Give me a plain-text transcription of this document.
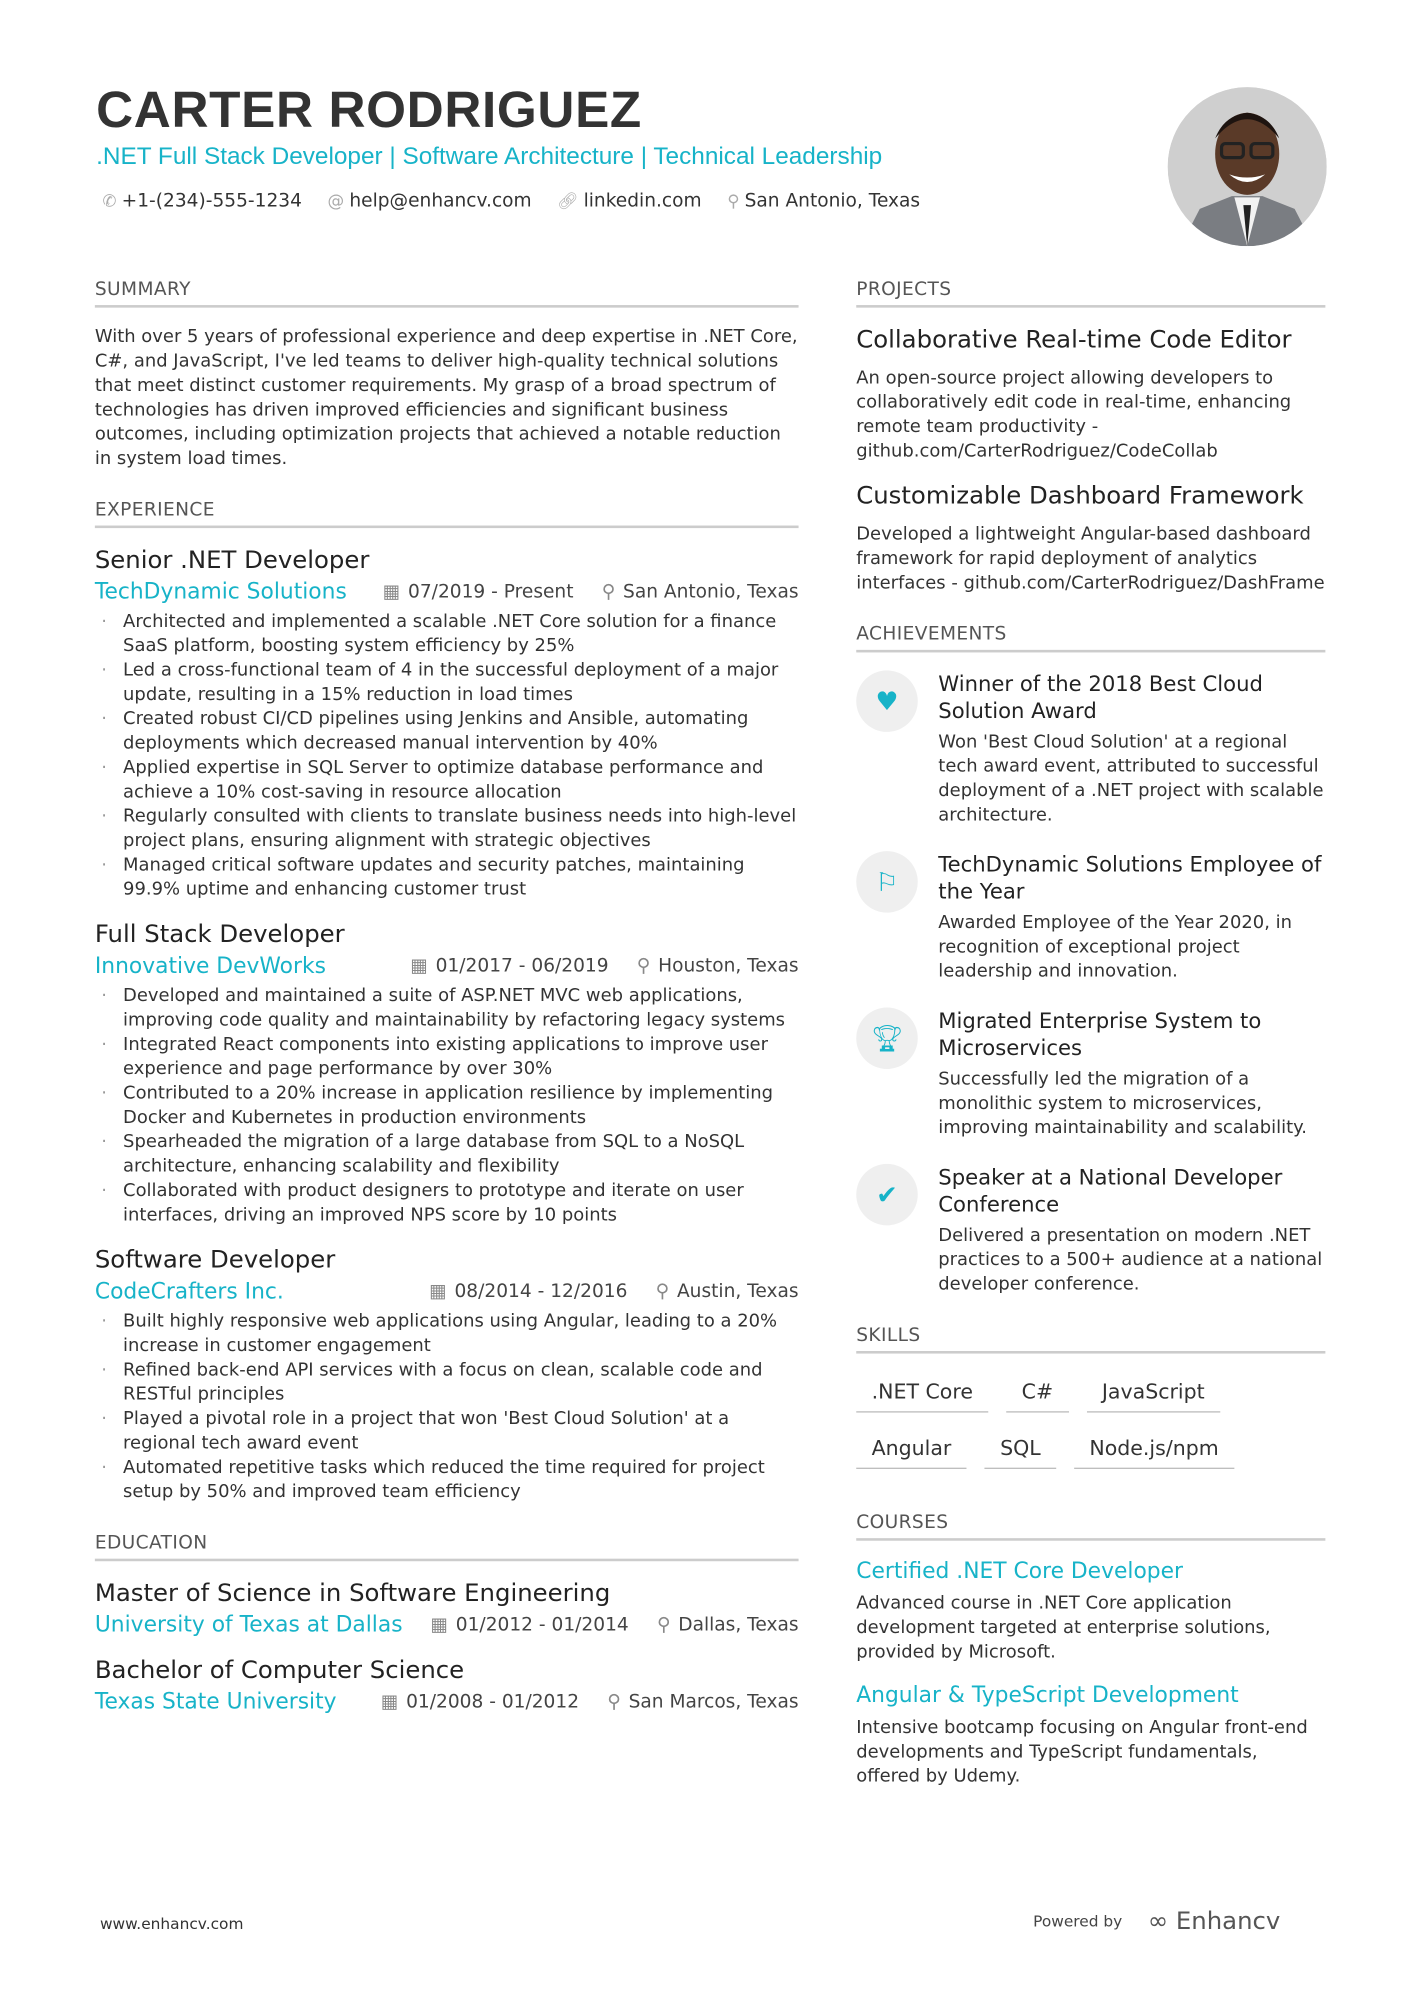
CARTER RODRIGUEZ
.NET Full Stack Developer | Software Architecture | Technical Leadership
✆ +1-(234)-555-1234 @ help@enhancv.com 🔗︎ linkedin.com ⚲ San Antonio, Texas
SUMMARY
With over 5 years of professional experience and deep expertise in .NET Core, C#, and JavaScript, I've led teams to deliver high-quality technical solutions that meet distinct customer requirements. My grasp of a broad spectrum of technologies has driven improved efficiencies and significant business outcomes, including optimization projects that achieved a notable reduction in system load times.
EXPERIENCE
Senior .NET Developer
TechDynamic Solutions ▦ 07/2019 - Present ⚲ San Antonio, Texas
· Architected and implemented a scalable .NET Core solution for a finance SaaS platform, boosting system efficiency by 25%
· Led a cross-functional team of 4 in the successful deployment of a major update, resulting in a 15% reduction in load times
· Created robust CI/CD pipelines using Jenkins and Ansible, automating deployments which decreased manual intervention by 40%
· Applied expertise in SQL Server to optimize database performance and achieve a 10% cost-saving in resource allocation
· Regularly consulted with clients to translate business needs into high-level project plans, ensuring alignment with strategic objectives
· Managed critical software updates and security patches, maintaining 99.9% uptime and enhancing customer trust
Full Stack Developer
Innovative DevWorks	▦ 01/2017 - 06/2019 ⚲ Houston, Texas
· Developed and maintained a suite of ASP.NET MVC web applications, improving code quality and maintainability by refactoring legacy systems
· Integrated React components into existing applications to improve user experience and page performance by over 30%
· Contributed to a 20% increase in application resilience by implementing Docker and Kubernetes in production environments
· Spearheaded the migration of a large database from SQL to a NoSQL architecture, enhancing scalability and flexibility
· Collaborated with product designers to prototype and iterate on user interfaces, driving an improved NPS score by 10 points
Software Developer
CodeCrafters Inc.	▦ 08/2014 - 12/2016 ⚲ Austin, Texas
· Built highly responsive web applications using Angular, leading to a 20% increase in customer engagement
· Refined back-end API services with a focus on clean, scalable code and RESTful principles
· Played a pivotal role in a project that won 'Best Cloud Solution' at a regional tech award event
· Automated repetitive tasks which reduced the time required for project setup by 50% and improved team efficiency
EDUCATION
Master of Science in Software Engineering
University of Texas at Dallas ▦ 01/2012 - 01/2014 ⚲ Dallas, Texas
Bachelor of Computer Science
Texas State University	▦ 01/2008 - 01/2012 ⚲ San Marcos, Texas
PROJECTS
Collaborative Real-time Code Editor
An open-source project allowing developers to collaboratively edit code in real-time, enhancing remote team productivity - github.com/CarterRodriguez/CodeCollab
Customizable Dashboard Framework
Developed a lightweight Angular-based dashboard framework for rapid deployment of analytics interfaces - github.com/CarterRodriguez/DashFrame
ACHIEVEMENTS
♥
Winner of the 2018 Best Cloud Solution Award
Won 'Best Cloud Solution' at a regional tech award event, attributed to successful deployment of a .NET project with scalable architecture.
⚐
TechDynamic Solutions Employee of the Year
Awarded Employee of the Year 2020, in recognition of exceptional project leadership and innovation.
🏆︎
Migrated Enterprise System to Microservices
Successfully led the migration of a monolithic system to microservices, improving maintainability and scalability.
✔
Speaker at a National Developer Conference
Delivered a presentation on modern .NET practices to a 500+ audience at a national developer conference.
SKILLS
.NET Core	C#	JavaScript
Angular	SQL	Node.js/npm
COURSES
Certified .NET Core Developer
Advanced course in .NET Core application development targeted at enterprise solutions, provided by Microsoft.
Angular & TypeScript Development
Intensive bootcamp focusing on Angular front-end developments and TypeScript fundamentals, offered by Udemy.
www.enhancv.com	Powered by ∞ Enhancv
